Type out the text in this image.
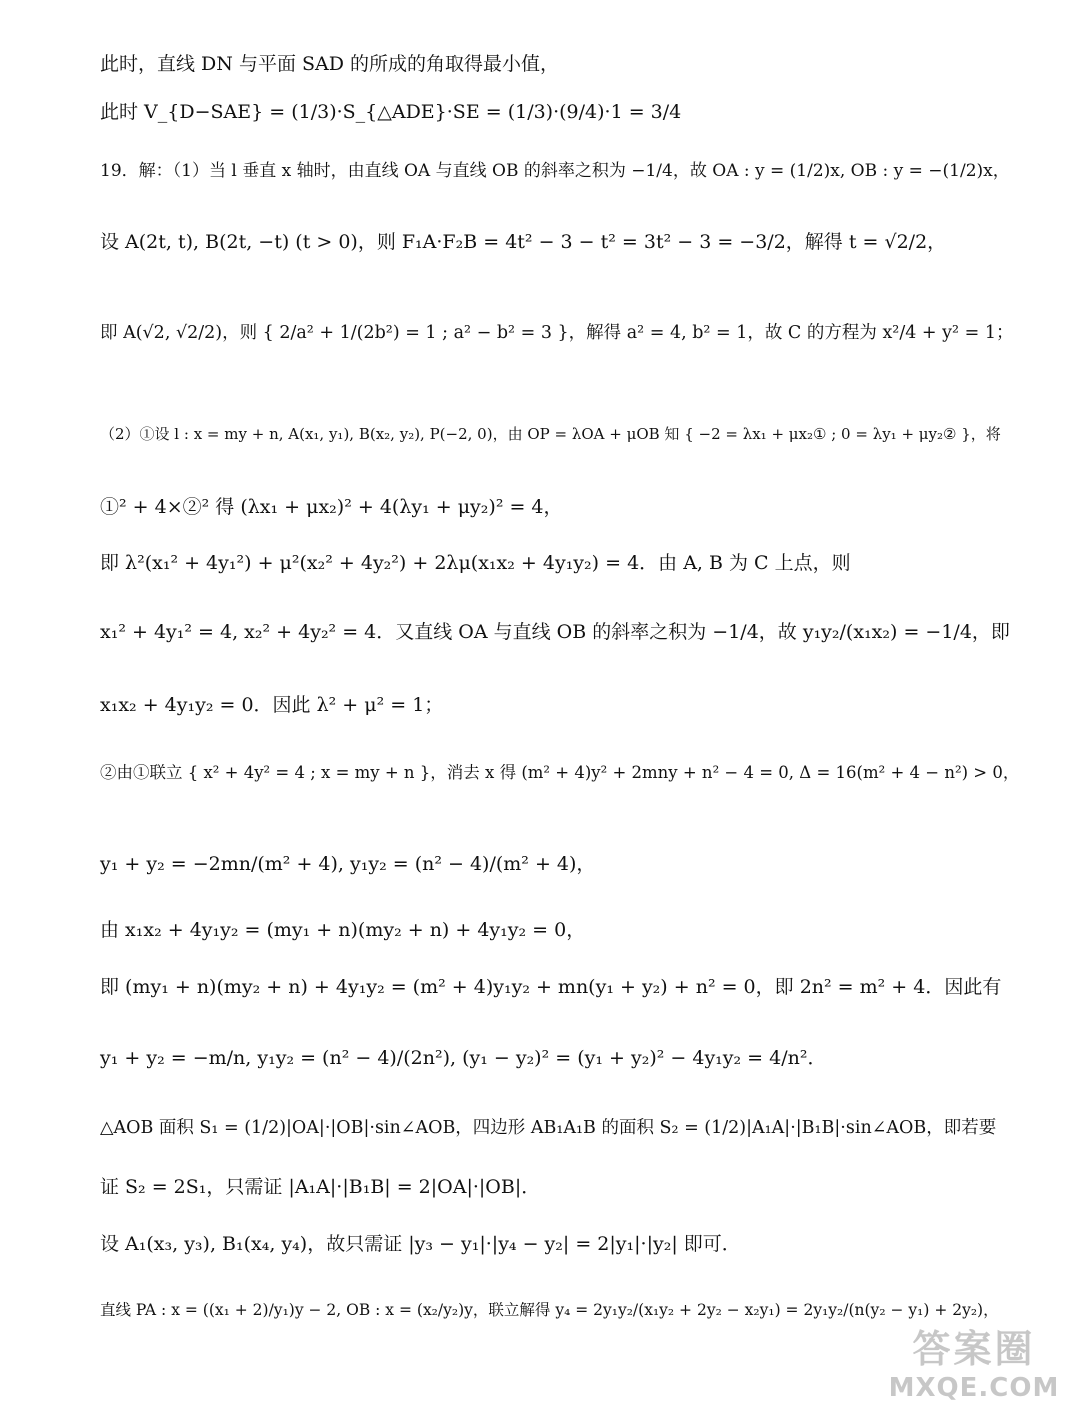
此时，直线 DN 与平面 SAD 的所成的角取得最小值，
此时 V_{D−SAE} = (1/3)·S_{△ADE}·SE = (1/3)·(9/4)·1 = 3/4
19．解：（1）当 l 垂直 x 轴时，由直线 OA 与直线 OB 的斜率之积为 −1/4，故 OA : y = (1/2)x, OB : y = −(1/2)x，
设 A(2t, t), B(2t, −t) (t > 0)，则 F₁A·F₂B = 4t² − 3 − t² = 3t² − 3 = −3/2，解得 t = √2/2，
即 A(√2, √2/2)，则 { 2/a² + 1/(2b²) = 1 ; a² − b² = 3 }，解得 a² = 4, b² = 1，故 C 的方程为 x²/4 + y² = 1；
（2）①设 l : x = my + n, A(x₁, y₁), B(x₂, y₂), P(−2, 0)，由 OP = λOA + μOB 知 { −2 = λx₁ + μx₂① ; 0 = λy₁ + μy₂② }，将
①² + 4×②² 得 (λx₁ + μx₂)² + 4(λy₁ + μy₂)² = 4，
即 λ²(x₁² + 4y₁²) + μ²(x₂² + 4y₂²) + 2λμ(x₁x₂ + 4y₁y₂) = 4．由 A, B 为 C 上点，则
x₁² + 4y₁² = 4, x₂² + 4y₂² = 4．又直线 OA 与直线 OB 的斜率之积为 −1/4，故 y₁y₂/(x₁x₂) = −1/4，即
x₁x₂ + 4y₁y₂ = 0．因此 λ² + μ² = 1；
②由①联立 { x² + 4y² = 4 ; x = my + n }，消去 x 得 (m² + 4)y² + 2mny + n² − 4 = 0, Δ = 16(m² + 4 − n²) > 0，
y₁ + y₂ = −2mn/(m² + 4), y₁y₂ = (n² − 4)/(m² + 4)，
由 x₁x₂ + 4y₁y₂ = (my₁ + n)(my₂ + n) + 4y₁y₂ = 0，
即 (my₁ + n)(my₂ + n) + 4y₁y₂ = (m² + 4)y₁y₂ + mn(y₁ + y₂) + n² = 0，即 2n² = m² + 4．因此有
y₁ + y₂ = −m/n, y₁y₂ = (n² − 4)/(2n²), (y₁ − y₂)² = (y₁ + y₂)² − 4y₁y₂ = 4/n²．
△AOB 面积 S₁ = (1/2)|OA|·|OB|·sin∠AOB，四边形 AB₁A₁B 的面积 S₂ = (1/2)|A₁A|·|B₁B|·sin∠AOB，即若要
证 S₂ = 2S₁，只需证 |A₁A|·|B₁B| = 2|OA|·|OB|．
设 A₁(x₃, y₃), B₁(x₄, y₄)，故只需证 |y₃ − y₁|·|y₄ − y₂| = 2|y₁|·|y₂| 即可．
直线 PA : x = ((x₁ + 2)/y₁)y − 2, OB : x = (x₂/y₂)y，联立解得 y₄ = 2y₁y₂/(x₁y₂ + 2y₂ − x₂y₁) = 2y₁y₂/(n(y₂ − y₁) + 2y₂)，
答案圈
MXQE.COM
